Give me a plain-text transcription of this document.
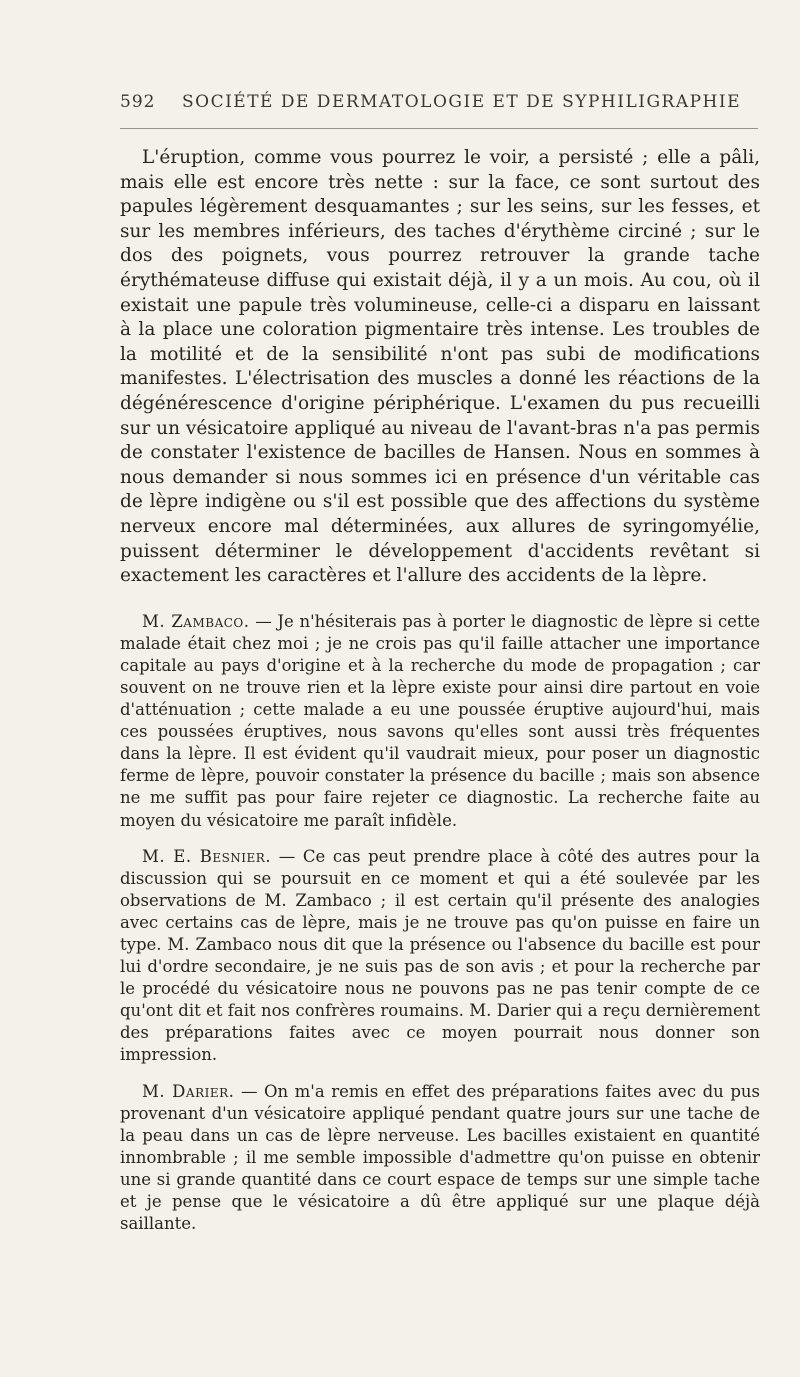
592	SOCIÉTÉ DE DERMATOLOGIE ET DE SYPHILIGRAPHIE

L'éruption, comme vous pourrez le voir, a persisté ; elle a pâli, mais elle est encore très nette : sur la face, ce sont surtout des papules légèrement desquamantes ; sur les seins, sur les fesses, et sur les membres inférieurs, des taches d'érythème circiné ; sur le dos des poignets, vous pourrez retrouver la grande tache érythémateuse diffuse qui existait déjà, il y a un mois. Au cou, où il existait une papule très volumineuse, celle-ci a disparu en laissant à la place une coloration pigmentaire très intense. Les troubles de la motilité et de la sensibilité n'ont pas subi de modifications manifestes. L'électrisation des muscles a donné les réactions de la dégénérescence d'origine périphérique. L'examen du pus recueilli sur un vésicatoire appliqué au niveau de l'avant-bras n'a pas permis de constater l'existence de bacilles de Hansen. Nous en sommes à nous demander si nous sommes ici en présence d'un véritable cas de lèpre indigène ou s'il est possible que des affections du système nerveux encore mal déterminées, aux allures de syringomyélie, puissent déterminer le développement d'accidents revêtant si exactement les caractères et l'allure des accidents de la lèpre.

M. Zambaco. — Je n'hésiterais pas à porter le diagnostic de lèpre si cette malade était chez moi ; je ne crois pas qu'il faille attacher une importance capitale au pays d'origine et à la recherche du mode de propagation ; car souvent on ne trouve rien et la lèpre existe pour ainsi dire partout en voie d'atténuation ; cette malade a eu une poussée éruptive aujourd'hui, mais ces poussées éruptives, nous savons qu'elles sont aussi très fréquentes dans la lèpre. Il est évident qu'il vaudrait mieux, pour poser un diagnostic ferme de lèpre, pouvoir constater la présence du bacille ; mais son absence ne me suffit pas pour faire rejeter ce diagnostic. La recherche faite au moyen du vésicatoire me paraît infidèle.

M. E. Besnier. — Ce cas peut prendre place à côté des autres pour la discussion qui se poursuit en ce moment et qui a été soulevée par les observations de M. Zambaco ; il est certain qu'il présente des analogies avec certains cas de lèpre, mais je ne trouve pas qu'on puisse en faire un type. M. Zambaco nous dit que la présence ou l'absence du bacille est pour lui d'ordre secondaire, je ne suis pas de son avis ; et pour la recherche par le procédé du vésicatoire nous ne pouvons pas ne pas tenir compte de ce qu'ont dit et fait nos confrères roumains. M. Darier qui a reçu dernièrement des préparations faites avec ce moyen pourrait nous donner son impression.

M. Darier. — On m'a remis en effet des préparations faites avec du pus provenant d'un vésicatoire appliqué pendant quatre jours sur une tache de la peau dans un cas de lèpre nerveuse. Les bacilles existaient en quantité innombrable ; il me semble impossible d'admettre qu'on puisse en obtenir une si grande quantité dans ce court espace de temps sur une simple tache et je pense que le vésicatoire a dû être appliqué sur une plaque déjà saillante.
